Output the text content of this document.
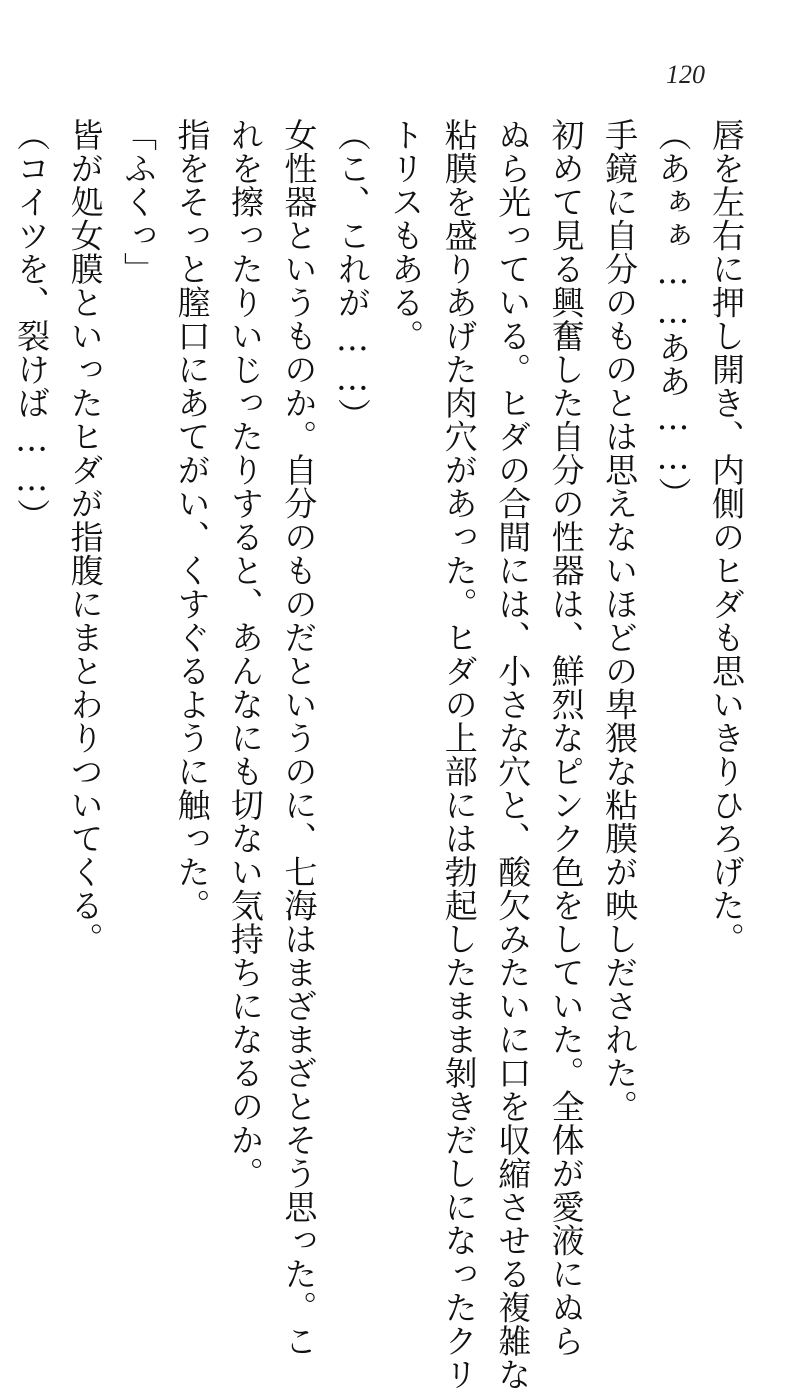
120
唇を左右に押し開き、内側のヒダも思いきりひろげた。
（あぁぁ……ああ……）
手鏡に自分のものとは思えないほどの卑猥な粘膜が映しだされた。
初めて見る興奮した自分の性器は、鮮烈なピンク色をしていた。全体が愛液にぬら
ぬら光っている。ヒダの合間には、小さな穴と、酸欠みたいに口を収縮させる複雑な
粘膜を盛りあげた肉穴があった。ヒダの上部には勃起したまま剝きだしになったクリ
トリスもある。
（こ、これが……）
女性器というものか。自分のものだというのに、七海はまざまざとそう思った。こ
れを擦ったりいじったりすると、あんなにも切ない気持ちになるのか。
指をそっと膣口にあてがい、くすぐるように触った。
「ふくっ」
皆が処女膜といったヒダが指腹にまとわりついてくる。
（コイツを、裂けば……）
